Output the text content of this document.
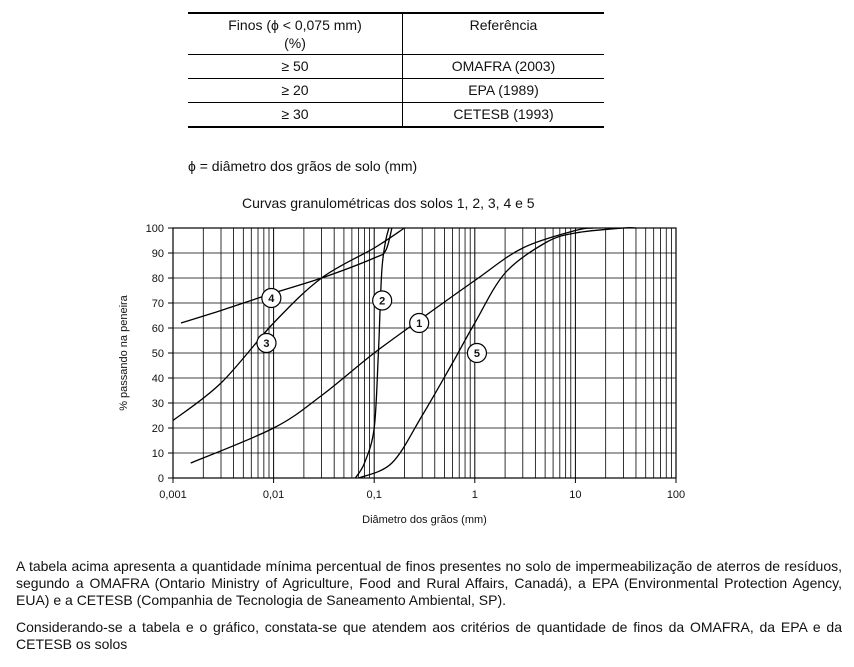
Finos (ϕ < 0,075 mm)
(%)	Referência
≥ 50	OMAFRA (2003)
≥ 20	EPA (1989)
≥ 30	CETESB (1993)
ϕ = diâmetro dos grãos de solo (mm)
Curvas granulométricas dos solos 1, 2, 3, 4 e 5
0
10
20
30
40
50
60
70
80
90
100
0,001	0,01	0,1	1	10	100
1
2
3
4
5
Diâmetro dos grãos (mm)
% passando na peneira
A tabela acima apresenta a quantidade mínima percentual de finos presentes no solo de impermeabilização de aterros de resíduos, segundo a OMAFRA (Ontario Ministry of Agriculture, Food and Rural Affairs, Canadá), a EPA (Environmental Protection Agency, EUA) e a CETESB (Companhia de Tecnologia de Saneamento Ambiental, SP).
Considerando-se a tabela e o gráfico, constata-se que atendem aos critérios de quantidade de finos da OMAFRA, da EPA e da CETESB os solos
